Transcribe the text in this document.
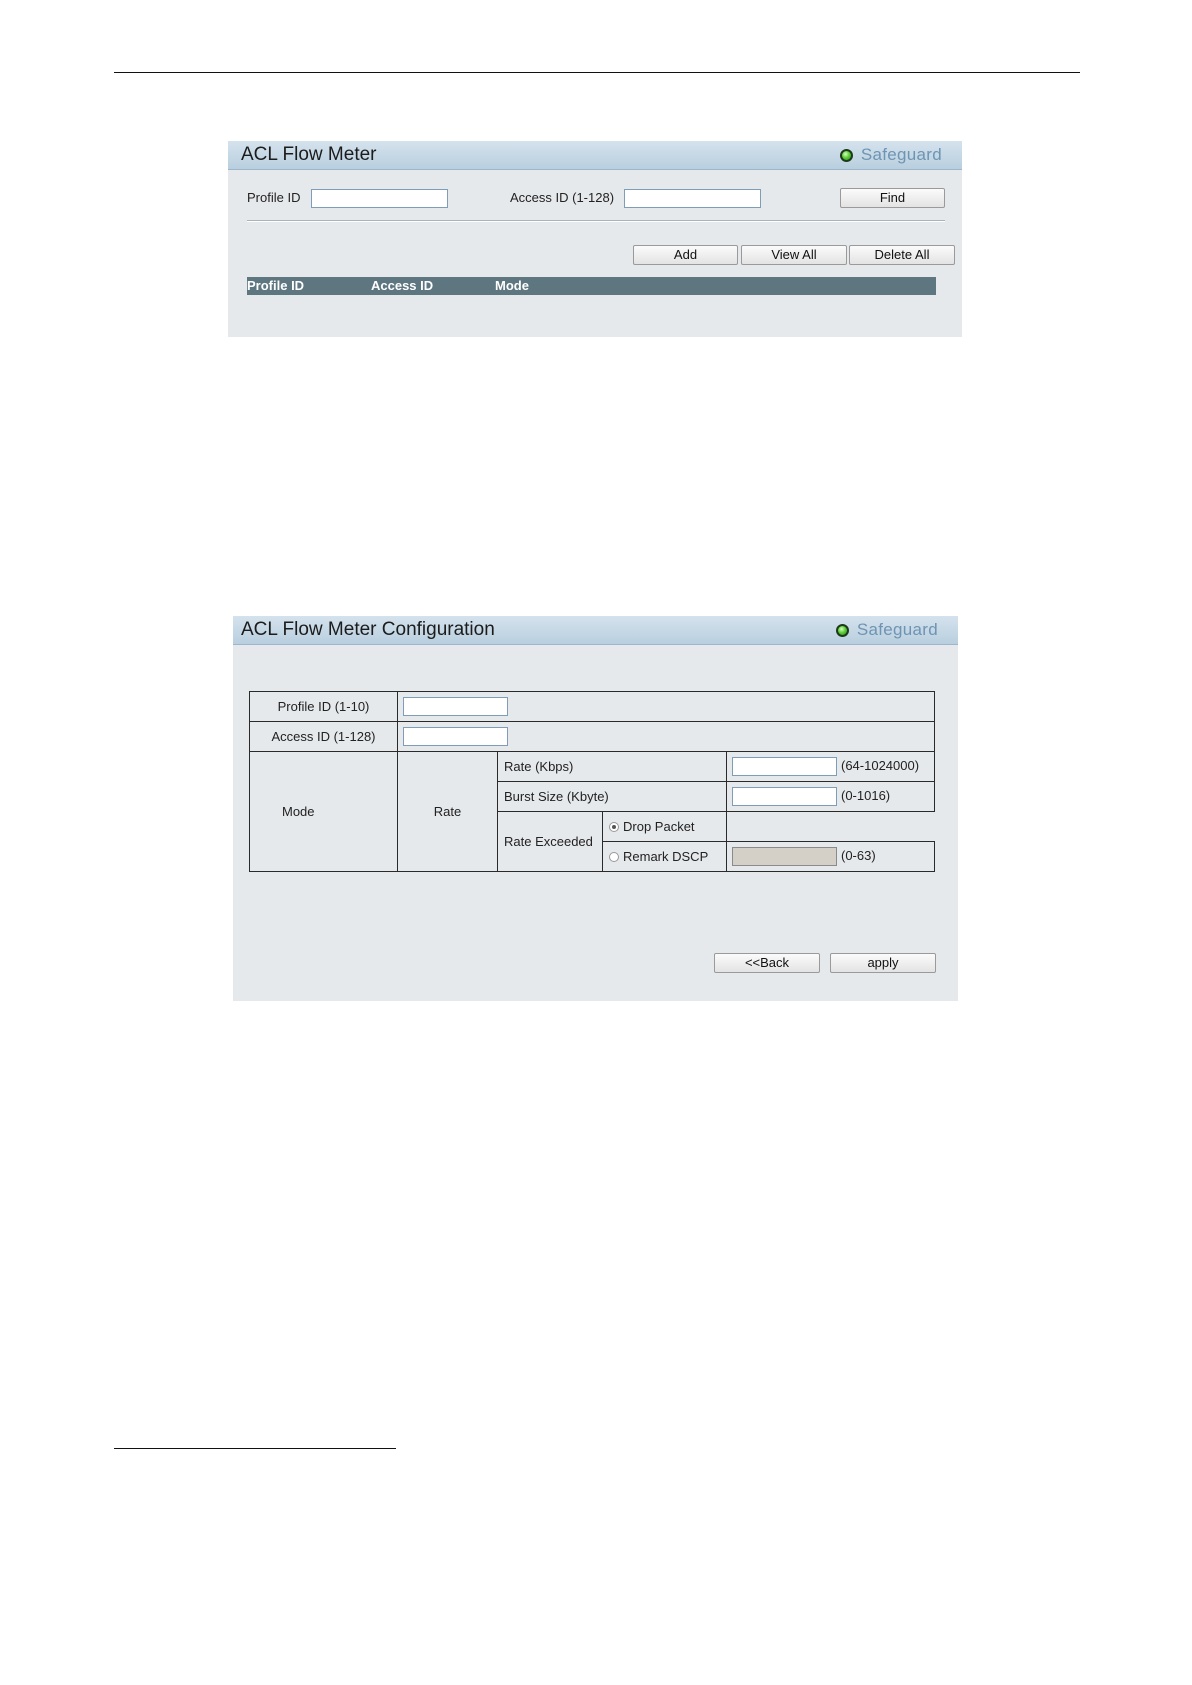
ACL Flow Meter	Safeguard
Profile ID	Access ID (1-128)	Find
Add	View All	Delete All
Profile ID	Access ID	Mode
ACL Flow Meter Configuration	Safeguard
Profile ID (1-10)	
Access ID (1-128)	
Mode	Rate	Rate (Kbps)		(64-1024000)
		Burst Size (Kbyte)		(0-1016)
		Rate Exceeded	Drop Packet	
			Remark DSCP	(0-63)
<<Back	apply
